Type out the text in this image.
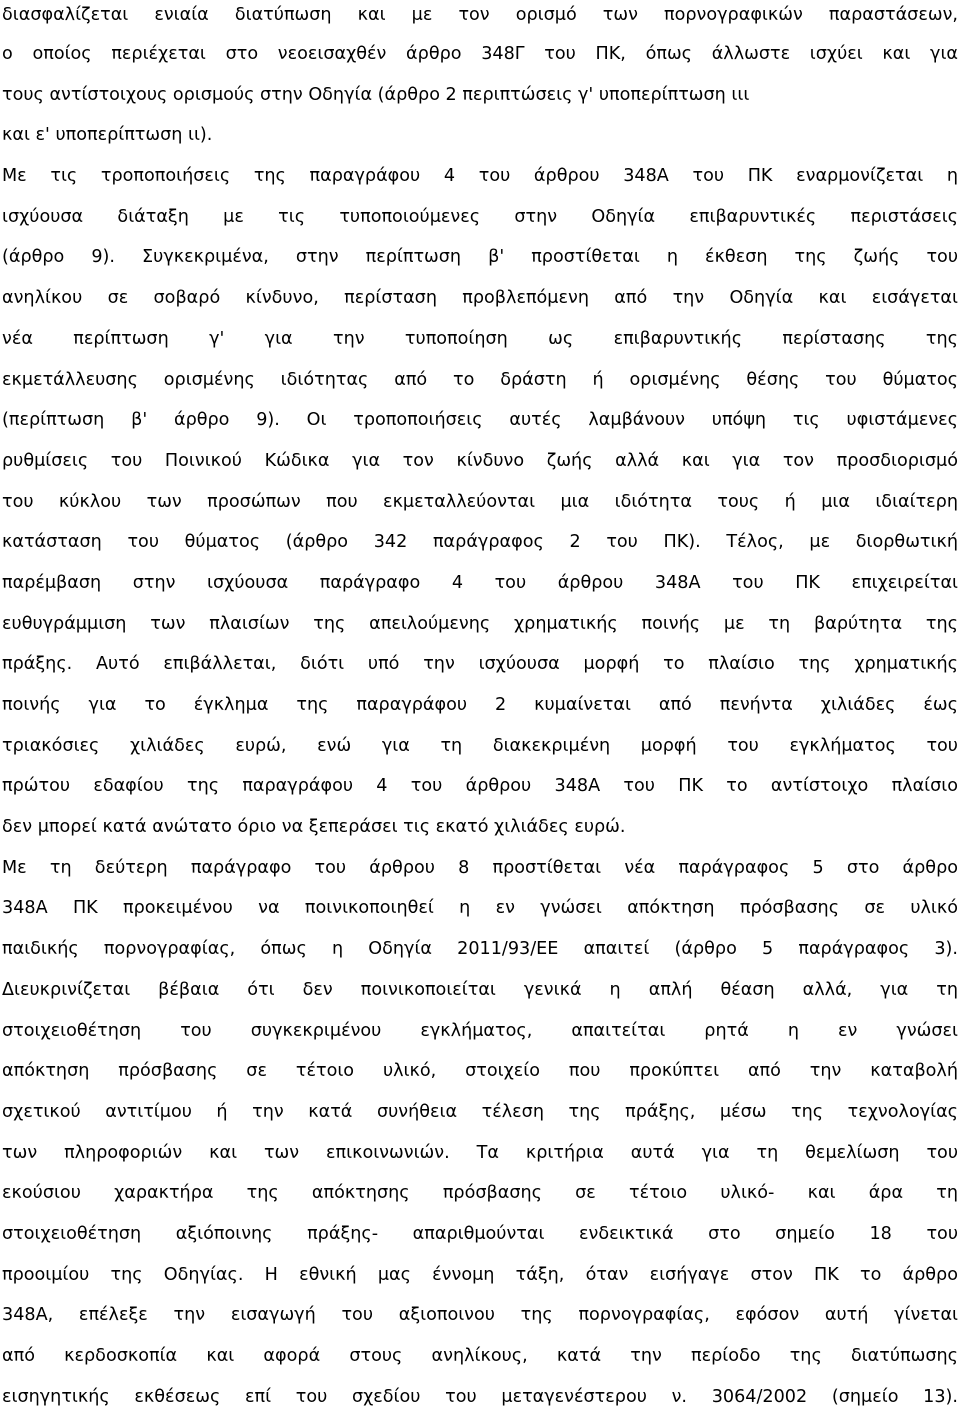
διασφαλίζεται ενιαία διατύπωση και με τον ορισμό των πορνογραφικών παραστάσεων,
ο οποίος περιέχεται στο νεοεισαχθέν άρθρο 348Γ του ΠΚ, όπως άλλωστε ισχύει και για
τους αντίστοιχους ορισμούς στην Οδηγία (άρθρο 2 περιπτώσεις γ' υποπερίπτωση ιιι
και ε' υποπερίπτωση ιι).
Με τις τροποποιήσεις της παραγράφου 4 του άρθρου 348Α του ΠΚ εναρμονίζεται η
ισχύουσα διάταξη με τις τυποποιούμενες στην Οδηγία επιβαρυντικές περιστάσεις
(άρθρο 9). Συγκεκριμένα, στην περίπτωση β' προστίθεται η έκθεση της ζωής του
ανηλίκου σε σοβαρό κίνδυνο, περίσταση προβλεπόμενη από την Οδηγία και εισάγεται
νέα περίπτωση γ' για την τυποποίηση ως επιβαρυντικής περίστασης της
εκμετάλλευσης ορισμένης ιδιότητας από το δράστη ή ορισμένης θέσης του θύματος
(περίπτωση β' άρθρο 9). Οι τροποποιήσεις αυτές λαμβάνουν υπόψη τις υφιστάμενες
ρυθμίσεις του Ποινικού Κώδικα για τον κίνδυνο ζωής αλλά και για τον προσδιορισμό
του κύκλου των προσώπων που εκμεταλλεύονται μια ιδιότητα τους ή μια ιδιαίτερη
κατάσταση του θύματος (άρθρο 342 παράγραφος 2 του ΠΚ). Τέλος, με διορθωτική
παρέμβαση στην ισχύουσα παράγραφο 4 του άρθρου 348Α του ΠΚ επιχειρείται
ευθυγράμμιση των πλαισίων της απειλούμενης χρηματικής ποινής με τη βαρύτητα της
πράξης. Αυτό επιβάλλεται, διότι υπό την ισχύουσα μορφή το πλαίσιο της χρηματικής
ποινής για το έγκλημα της παραγράφου 2 κυμαίνεται από πενήντα χιλιάδες έως
τριακόσιες χιλιάδες ευρώ, ενώ για τη διακεκριμένη μορφή του εγκλήματος του
πρώτου εδαφίου της παραγράφου 4 του άρθρου 348Α του ΠΚ το αντίστοιχο πλαίσιο
δεν μπορεί κατά ανώτατο όριο να ξεπεράσει τις εκατό χιλιάδες ευρώ.
Με τη δεύτερη παράγραφο του άρθρου 8 προστίθεται νέα παράγραφος 5 στο άρθρο
348Α ΠΚ προκειμένου να ποινικοποιηθεί η εν γνώσει απόκτηση πρόσβασης σε υλικό
παιδικής πορνογραφίας, όπως η Οδηγία 2011/93/ΕΕ απαιτεί (άρθρο 5 παράγραφος 3).
Διευκρινίζεται βέβαια ότι δεν ποινικοποιείται γενικά η απλή θέαση αλλά, για τη
στοιχειοθέτηση του συγκεκριμένου εγκλήματος, απαιτείται ρητά η εν γνώσει
απόκτηση πρόσβασης σε τέτοιο υλικό, στοιχείο που προκύπτει από την καταβολή
σχετικού αντιτίμου ή την κατά συνήθεια τέλεση της πράξης, μέσω της τεχνολογίας
των πληροφοριών και των επικοινωνιών. Τα κριτήρια αυτά για τη θεμελίωση του
εκούσιου χαρακτήρα της απόκτησης πρόσβασης σε τέτοιο υλικό- και άρα τη
στοιχειοθέτηση αξιόποινης πράξης- απαριθμούνται ενδεικτικά στο σημείο 18 του
προοιμίου της Οδηγίας. Η εθνική μας έννομη τάξη, όταν εισήγαγε στον ΠΚ το άρθρο
348Α, επέλεξε την εισαγωγή του αξιοποινου της πορνογραφίας, εφόσον αυτή γίνεται
από κερδοσκοπία και αφορά στους ανηλίκους, κατά την περίοδο της διατύπωσης
εισηγητικής εκθέσεως επί του σχεδίου του μεταγενέστερου ν. 3064/2002 (σημείο 13).
